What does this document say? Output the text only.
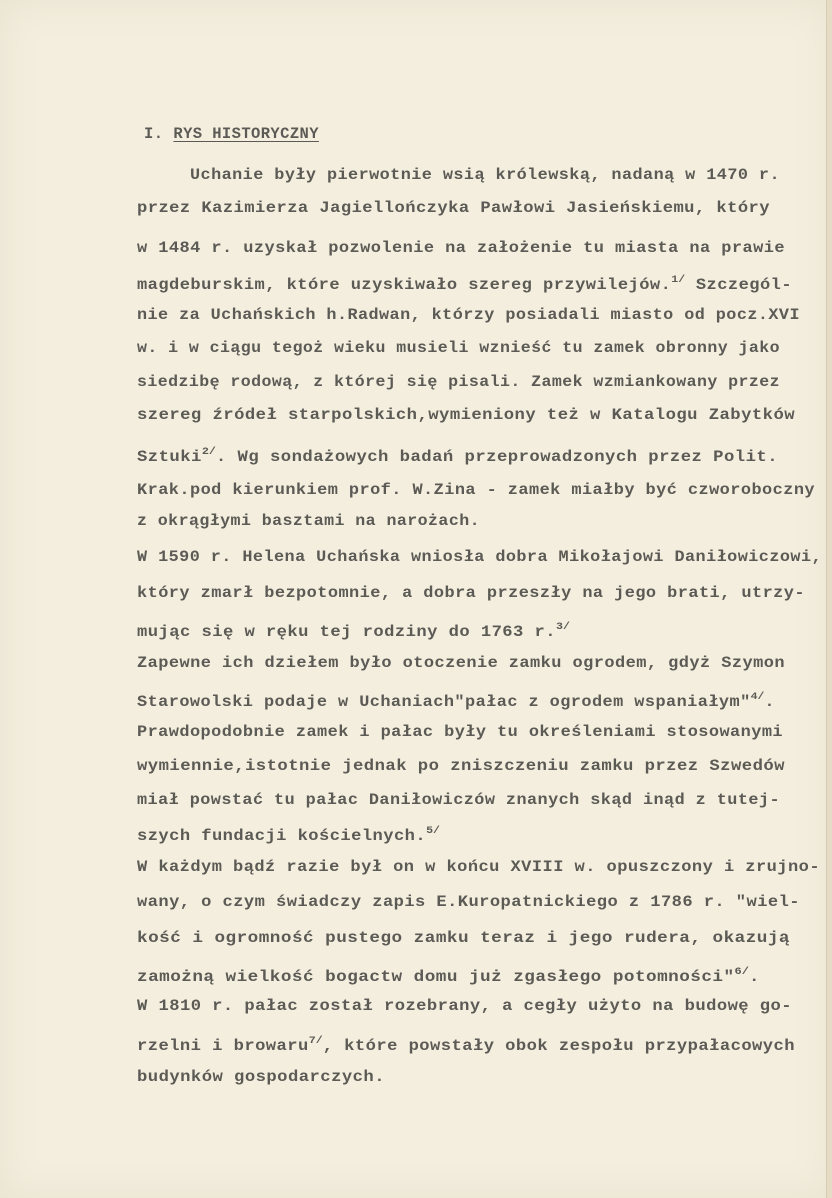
I. RYS HISTORYCZNY
Uchanie były pierwotnie wsią królewską, nadaną w 1470 r.
przez Kazimierza Jagiellończyka Pawłowi Jasieńskiemu, który
w 1484 r. uzyskał pozwolenie na założenie tu miasta na prawie
magdeburskim, które uzyskiwało szereg przywilejów.$^{1/}$ Szczegól-
nie za Uchańskich h.Radwan, którzy posiadali miasto od pocz.XVI
w. i w ciągu tegoż wieku musieli wznieść tu zamek obronny jako
siedzibę rodową, z której się pisali. Zamek wzmiankowany przez
szereg źródeł starpolskich,wymieniony też w Katalogu Zabytków
Sztuki$^{2/}$. Wg sondażowych badań przeprowadzonych przez Polit.
Krak.pod kierunkiem prof. W.Zina - zamek miałby być czworoboczny
z okrągłymi basztami na narożach.
W 1590 r. Helena Uchańska wniosła dobra Mikołajowi Daniłowiczowi,
który zmarł bezpotomnie, a dobra przeszły na jego brati, utrzy-
mując się w ręku tej rodziny do 1763 r.$^{3/}$
Zapewne ich dziełem było otoczenie zamku ogrodem, gdyż Szymon
Starowolski podaje w Uchaniach"pałac z ogrodem wspaniałym"$^{4/}$.
Prawdopodobnie zamek i pałac były tu określeniami stosowanymi
wymiennie,istotnie jednak po zniszczeniu zamku przez Szwedów
miał powstać tu pałac Daniłowiczów znanych skąd inąd z tutej-
szych fundacji kościelnych.$^{5/}$
W każdym bądź razie był on w końcu XVIII w. opuszczony i zrujno-
wany, o czym świadczy zapis E.Kuropatnickiego z 1786 r. "wiel-
kość i ogromność pustego zamku teraz i jego rudera, okazują
zamożną wielkość bogactw domu już zgasłego potomności"$^{6/}$.
W 1810 r. pałac został rozebrany, a cegły użyto na budowę go-
rzelni i browaru$^{7/}$, które powstały obok zespołu przypałacowych
budynków gospodarczych.
